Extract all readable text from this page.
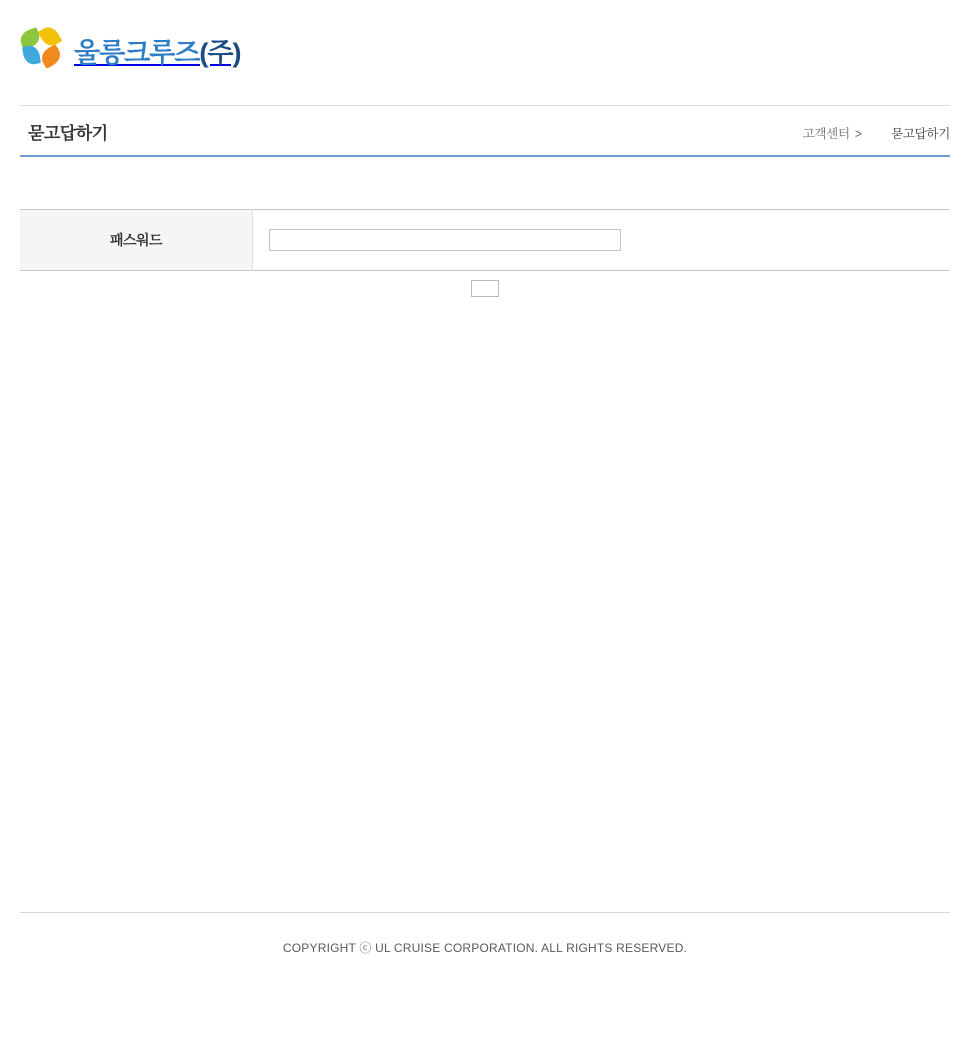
울릉크루즈(주)
묻고답하기	고객센터 > 묻고답하기
패스워드	
COPYRIGHT ⓒ UL CRUISE CORPORATION. ALL RIGHTS RESERVED.
